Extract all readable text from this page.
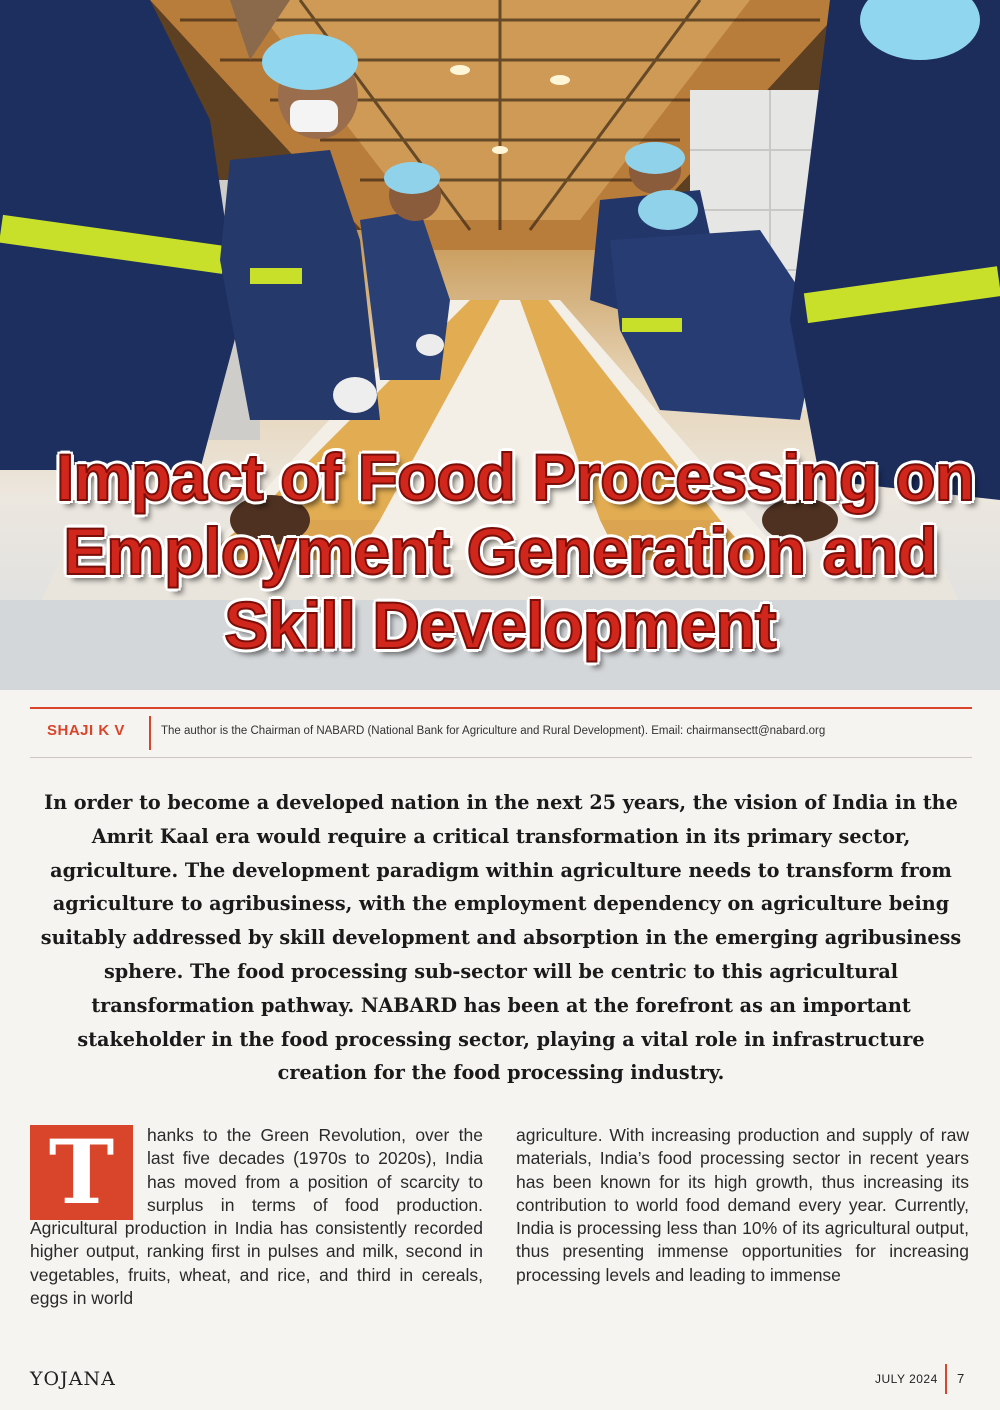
Impact of Food Processing on
Employment Generation and
Skill Development
SHAJI K V	The author is the Chairman of NABARD (National Bank for Agriculture and Rural Development). Email: chairmansectt@nabard.org
In order to become a developed nation in the next 25 years, the vision of India in the Amrit Kaal era would require a critical transformation in its primary sector, agriculture. The development paradigm within agriculture needs to transform from agriculture to agribusiness, with the employment dependency on agriculture being suitably addressed by skill development and absorption in the emerging agribusiness sphere. The food processing sub-sector will be centric to this agricultural transformation pathway. NABARD has been at the forefront as an important stakeholder in the food processing sector, playing a vital role in infrastructure creation for the food processing industry.
T	hanks to the Green Revolution, over the last five decades (1970s to 2020s), India has moved from a position of scarcity to surplus in terms of food production. Agricultural production in India has consistently recorded higher output, ranking first in pulses and milk, second in vegetables, fruits, wheat, and rice, and third in cereals, eggs in world

agriculture. With increasing production and supply of raw materials, India’s food processing sector in recent years has been known for its high growth, thus increasing its contribution to world food demand every year. Currently, India is processing less than 10% of its agricultural output, thus presenting immense opportunities for increasing processing levels and leading to immense

YOJANA	JULY 2024 7
